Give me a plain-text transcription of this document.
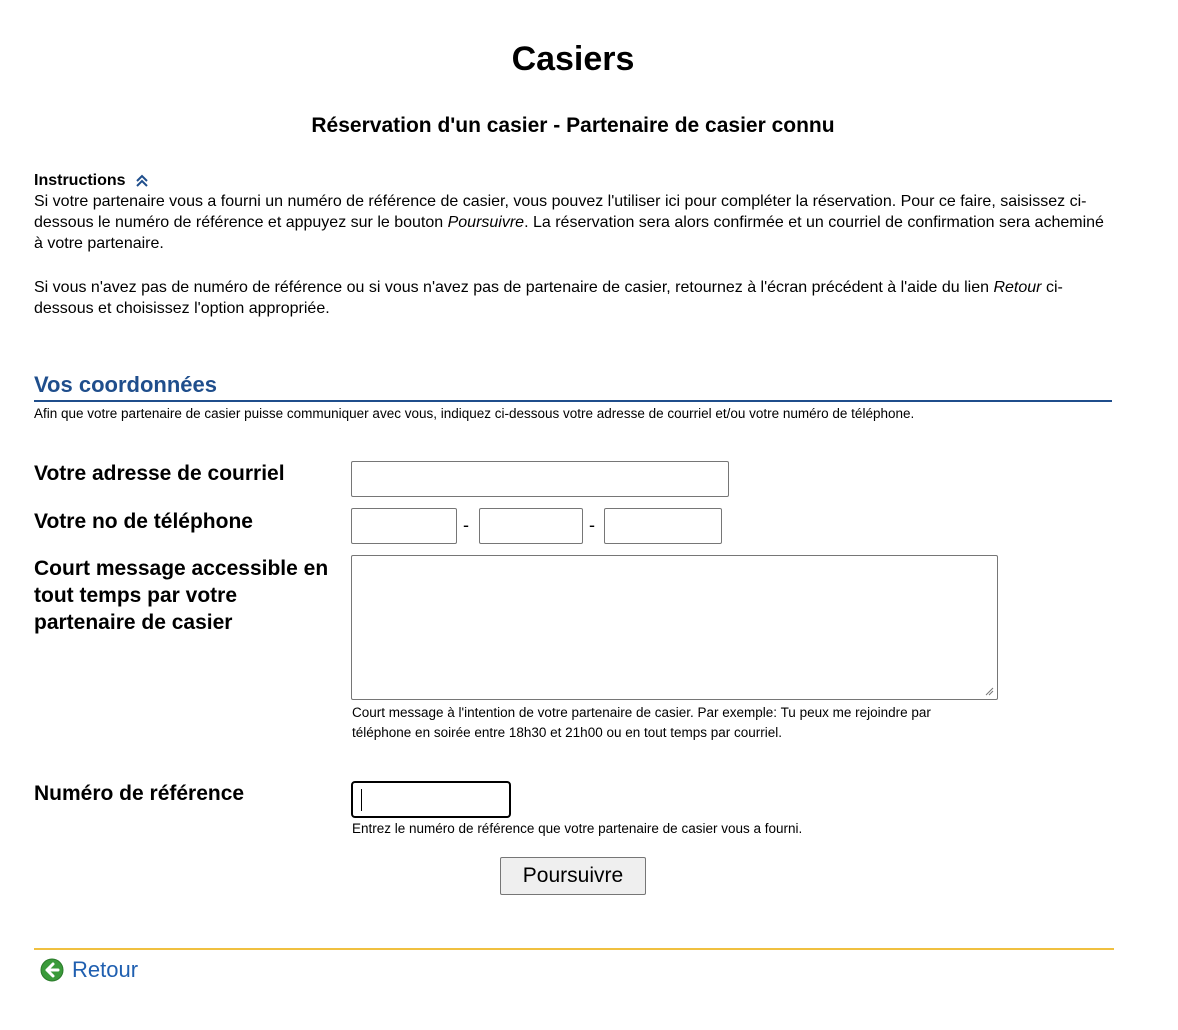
Casiers
Réservation d'un casier - Partenaire de casier connu
Instructions

Si votre partenaire vous a fourni un numéro de référence de casier, vous pouvez l'utiliser ici pour compléter la réservation. Pour ce faire, saisissez ci-dessous le numéro de référence et appuyez sur le bouton Poursuivre. La réservation sera alors confirmée et un courriel de confirmation sera acheminé à votre partenaire.

Si vous n'avez pas de numéro de référence ou si vous n'avez pas de partenaire de casier, retournez à l'écran précédent à l'aide du lien Retour ci-dessous et choisissez l'option appropriée.

Vos coordonnées
Afin que votre partenaire de casier puisse communiquer avec vous, indiquez ci-dessous votre adresse de courriel et/ou votre numéro de téléphone.
Votre adresse de courriel
Votre no de téléphone	-	-
Court message accessible en tout temps par votre partenaire de casier
Court message à l'intention de votre partenaire de casier. Par exemple: Tu peux me rejoindre par téléphone en soirée entre 18h30 et 21h00 ou en tout temps par courriel.
Numéro de référence
Entrez le numéro de référence que votre partenaire de casier vous a fourni.
Poursuivre
Retour
